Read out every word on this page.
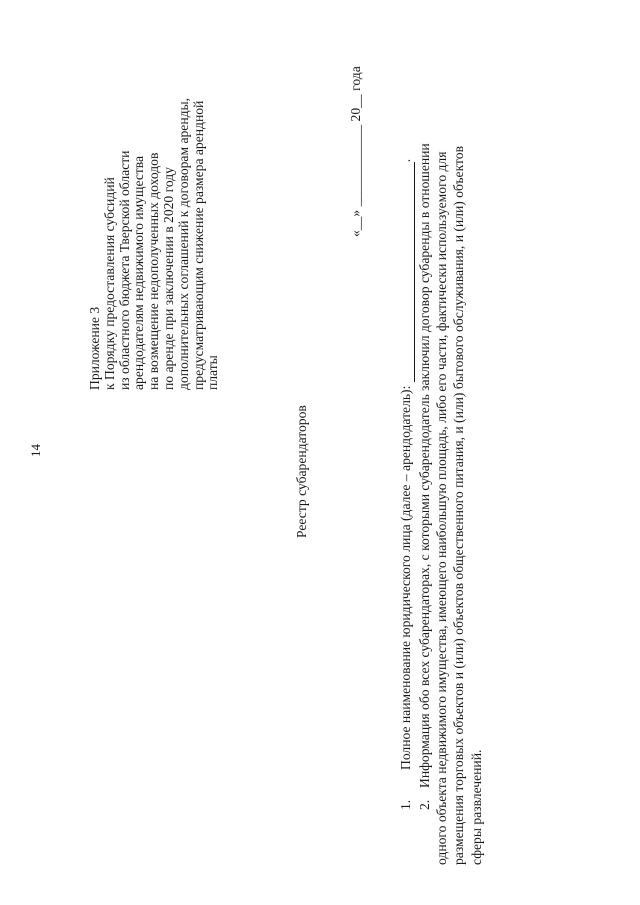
14
Приложение 3 к Порядку предоставления субсидий из областного бюджета Тверской области арендодателям недвижимого имущества на возмещение недополученных доходов по аренде при заключении в 2020 году дополнительных соглашений к договорам аренды, предусматривающим снижение размера арендной платы
«__» ____________ 20__ года
Реестр субарендаторов
1.Полное наименование юридического лица (далее – арендодатель):  .
2.Информация обо всех субарендаторах, с которыми субарендодатель заключил договор субаренды в отношении одного объекта недвижимого имущества, имеющего наибольшую площадь, либо его части, фактически используемого для размещения торговых объектов и (или) объектов общественного питания, и (или) бытового обслуживания, и (или) объектов сферы развлечений.
